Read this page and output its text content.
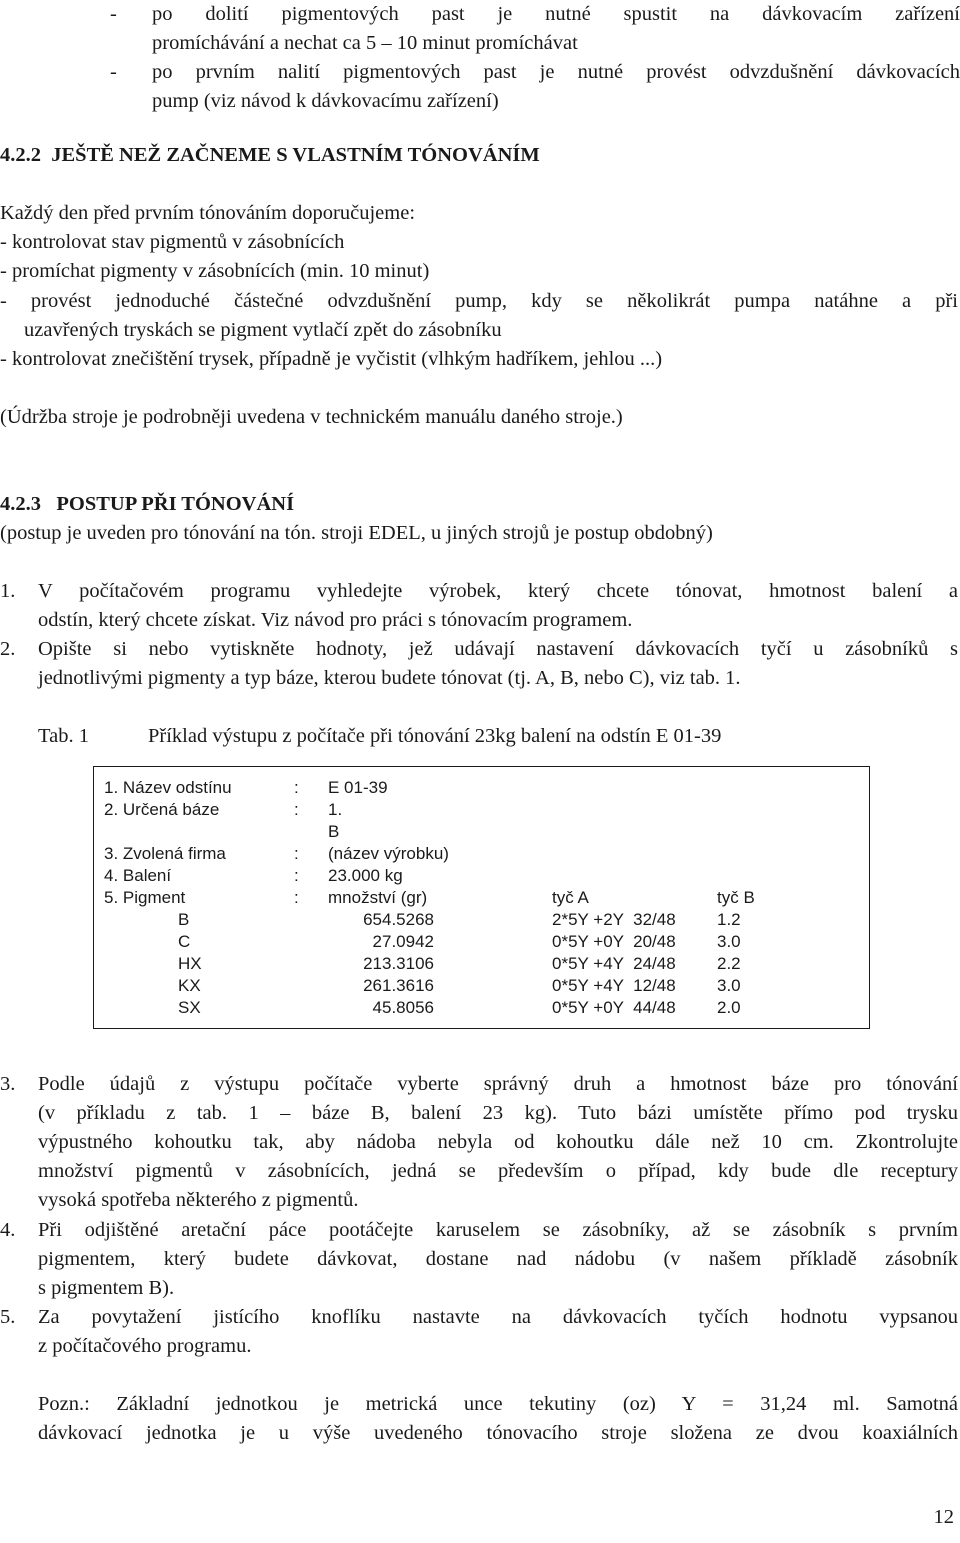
- po dolití pigmentových past je nutné spustit na dávkovacím zařízení
promíchávání a nechat ca 5 – 10 minut promíchávat
- po prvním nalití pigmentových past je nutné provést odvzdušnění dávkovacích
pump (viz návod k dávkovacímu zařízení)
4.2.2 JEŠTĚ NEŽ ZAČNEME S VLASTNÍM TÓNOVÁNÍM
Každý den před prvním tónováním doporučujeme:
- kontrolovat stav pigmentů v zásobnících
- promíchat pigmenty v zásobnících (min. 10 minut)
- provést jednoduché částečné odvzdušnění pump, kdy se několikrát pumpa natáhne a při
uzavřených tryskách se pigment vytlačí zpět do zásobníku
- kontrolovat znečištění trysek, případně je vyčistit (vlhkým hadříkem, jehlou ...)
(Údržba stroje je podrobněji uvedena v technickém manuálu daného stroje.)
4.2.3 POSTUP PŘI TÓNOVÁNÍ
(postup je uveden pro tónování na tón. stroji EDEL, u jiných strojů je postup obdobný)
1. V počítačovém programu vyhledejte výrobek, který chcete tónovat, hmotnost balení a
odstín, který chcete získat. Viz návod pro práci s tónovacím programem.
2. Opište si nebo vytiskněte hodnoty, jež udávají nastavení dávkovacích tyčí u zásobníků s
jednotlivými pigmenty a typ báze, kterou budete tónovat (tj. A, B, nebo C), viz tab. 1.
Tab. 1	Příklad výstupu z počítače při tónování 23kg balení na odstín E 01-39
1. Název odstínu	: E 01-39
2. Určená báze	: 1.
B
3. Zvolená firma	: (název výrobku)
4. Balení	: 23.000 kg
5. Pigment	: množství (gr)	tyč A	tyč B
B	654.5268	2*5Y +2Y  32/48 1.2
C	27.0942	0*5Y +0Y  20/48 3.0
HX	213.3106	0*5Y +4Y  24/48 2.2
KX	261.3616	0*5Y +4Y  12/48 3.0
SX	45.8056	0*5Y +0Y  44/48 2.0
3. Podle údajů z výstupu počítače vyberte správný druh a hmotnost báze pro tónování
(v příkladu z tab. 1 – báze B, balení 23 kg). Tuto bázi umístěte přímo pod trysku
výpustného kohoutku tak, aby nádoba nebyla od kohoutku dále než 10 cm. Zkontrolujte
množství pigmentů v zásobnících, jedná se především o případ, kdy bude dle receptury
vysoká spotřeba některého z pigmentů.
4. Při odjištěné aretační páce pootáčejte karuselem se zásobníky, až se zásobník s prvním
pigmentem, který budete dávkovat, dostane nad nádobu (v našem příkladě zásobník
s pigmentem B).
5. Za povytažení jistícího knoflíku nastavte na dávkovacích tyčích hodnotu vypsanou
z počítačového programu.
Pozn.: Základní jednotkou je metrická unce tekutiny (oz) Y = 31,24 ml. Samotná
dávkovací jednotka je u výše uvedeného tónovacího stroje složena ze dvou koaxiálních
12
